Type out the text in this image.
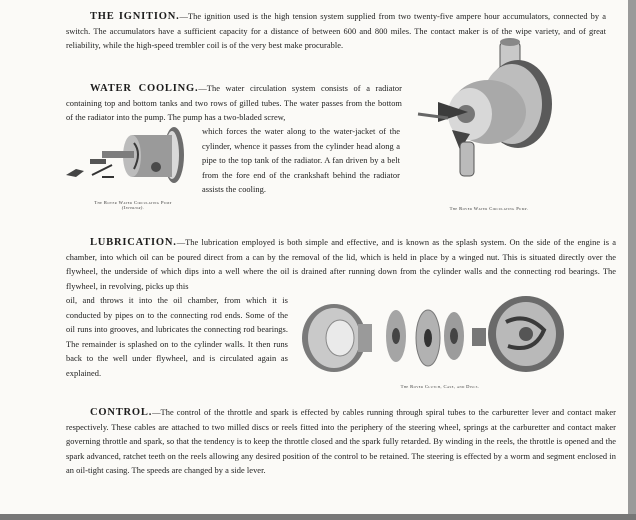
THE IGNITION.—The ignition used is the high tension system supplied from two twenty-five ampere hour accumulators, connected by a switch. The accumulators have a sufficient capacity for a distance of between 600 and 800 miles. The contact maker is of the wipe variety, and of great reliability, while the high-speed trembler coil is of the very best make procurable.

WATER COOLING.—The water circulation system consists of a radiator containing top and bottom tanks and two rows of gilled tubes. The water passes from the bottom of the radiator into the pump. The pump has a two-bladed screw,

which forces the water along to the water-jacket of the cylinder, whence it passes from the cylinder head along a pipe to the top tank of the radiator. A fan driven by a belt from the fore end of the crankshaft behind the radiator assists the cooling.
The Rover Water Circulating Pump
(Interior).	The Rover Water Circulating Pump.

LUBRICATION.—The lubrication employed is both simple and effective, and is known as the splash system. On the side of the engine is a chamber, into which oil can be poured direct from a can by the removal of the lid, which is held in place by a winged nut. This is situated directly over the flywheel, the underside of which dips into a well where the oil is drained after running down from the cylinder walls and the connecting rod bearings. The flywheel, in revolving, picks up this

oil, and throws it into the oil chamber, from which it is conducted by pipes on to the connecting rod ends. Some of the oil runs into grooves, and lubricates the connecting rod bearings. The remainder is splashed on to the cylinder walls. It then runs back to the well under flywheel, and is circulated again as explained.
The Rover Clutch, Case, and Discs.

CONTROL.—The control of the throttle and spark is effected by cables running through spiral tubes to the carburetter lever and contact maker respectively. These cables are attached to two milled discs or reels fitted into the periphery of the steering wheel, springs at the carburetter and contact maker governing throttle and spark, so that the tendency is to keep the throttle closed and the spark fully retarded. By winding in the reels, the throttle is opened and the spark advanced, ratchet teeth on the reels allowing any desired position of the control to be retained. The steering is effected by a worm and segment enclosed in an oil-tight casing. The speeds are changed by a side lever.
